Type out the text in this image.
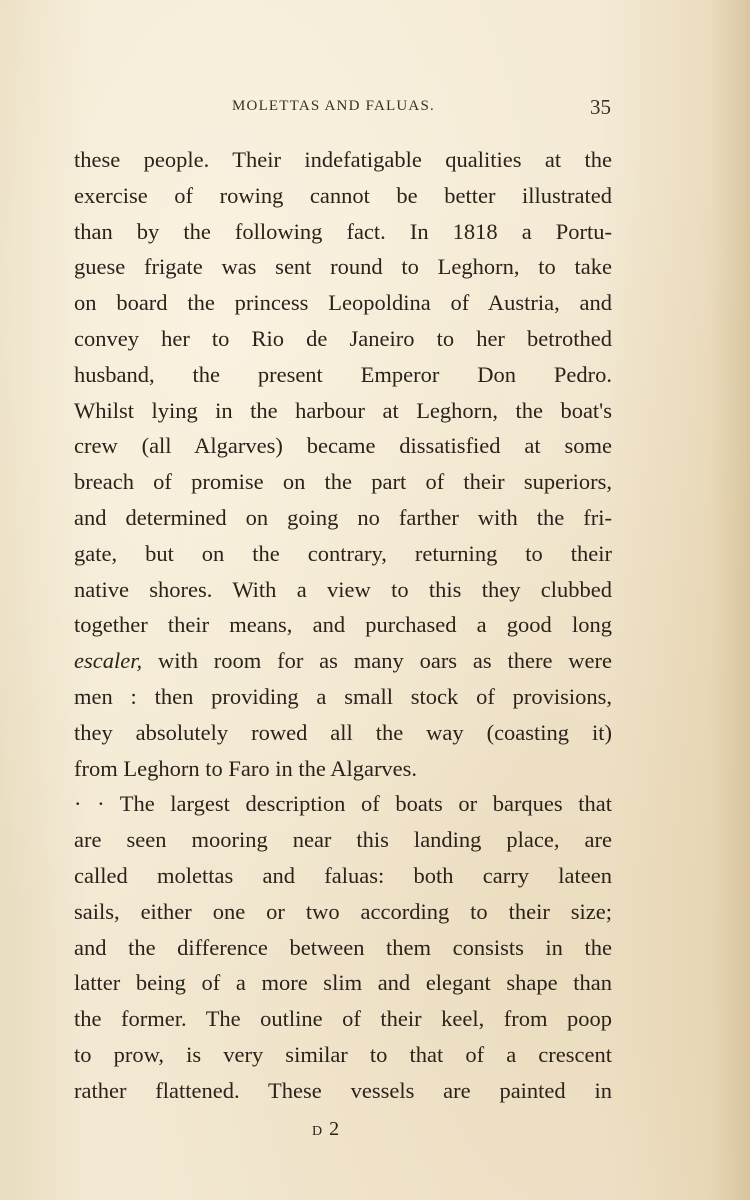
MOLETTAS AND FALUAS.	35
these people. Their indefatigable qualities at the
exercise of rowing cannot be better illustrated
than by the following fact. In 1818 a Portu-
guese frigate was sent round to Leghorn, to take
on board the princess Leopoldina of Austria, and
convey her to Rio de Janeiro to her betrothed
husband, the present Emperor Don Pedro.
Whilst lying in the harbour at Leghorn, the boat's
crew (all Algarves) became dissatisfied at some
breach of promise on the part of their superiors,
and determined on going no farther with the fri-
gate, but on the contrary, returning to their
native shores. With a view to this they clubbed
together their means, and purchased a good long
escaler, with room for as many oars as there were
men : then providing a small stock of provisions,
they absolutely rowed all the way (coasting it)
from Leghorn to Faro in the Algarves.
· · The largest description of boats or barques that
are seen mooring near this landing place, are
called molettas and faluas: both carry lateen
sails, either one or two according to their size;
and the difference between them consists in the
latter being of a more slim and elegant shape than
the former. The outline of their keel, from poop
to prow, is very similar to that of a crescent
rather flattened. These vessels are painted in
D 2
